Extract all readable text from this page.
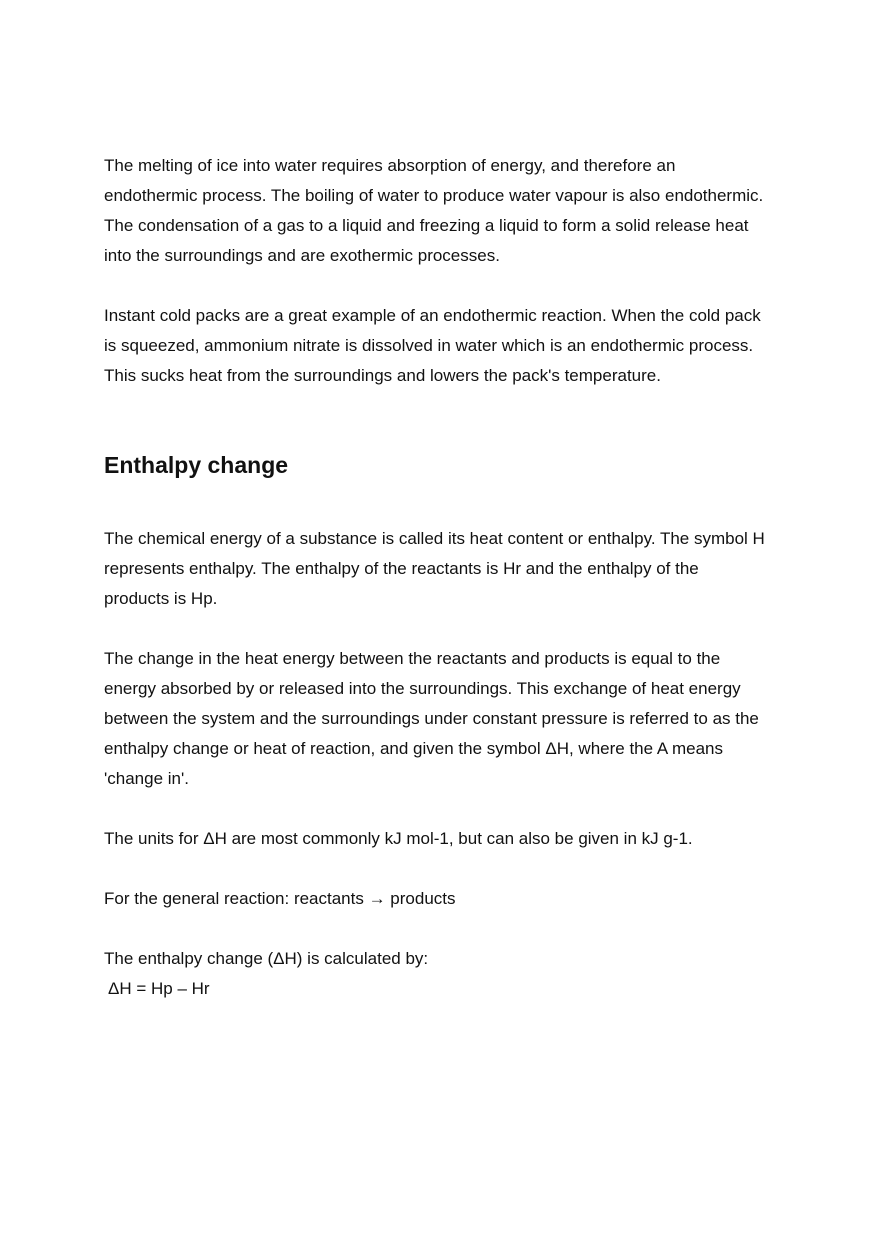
The melting of ice into water requires absorption of energy, and therefore an
endothermic process. The boiling of water to produce water vapour is also endothermic.
The condensation of a gas to a liquid and freezing a liquid to form a solid release heat
into the surroundings and are exothermic processes.

Instant cold packs are a great example of an endothermic reaction. When the cold pack
is squeezed, ammonium nitrate is dissolved in water which is an endothermic process.
This sucks heat from the surroundings and lowers the pack's temperature.

Enthalpy change

The chemical energy of a substance is called its heat content or enthalpy. The symbol H
represents enthalpy. The enthalpy of the reactants is Hr and the enthalpy of the
products is Hp.

The change in the heat energy between the reactants and products is equal to the
energy absorbed by or released into the surroundings. This exchange of heat energy
between the system and the surroundings under constant pressure is referred to as the
enthalpy change or heat of reaction, and given the symbol ΔH, where the A means
'change in'.

The units for ΔH are most commonly kJ mol-1, but can also be given in kJ g-1.

For the general reaction: reactants → products

The enthalpy change (ΔH) is calculated by:

ΔH = Hp – Hr
